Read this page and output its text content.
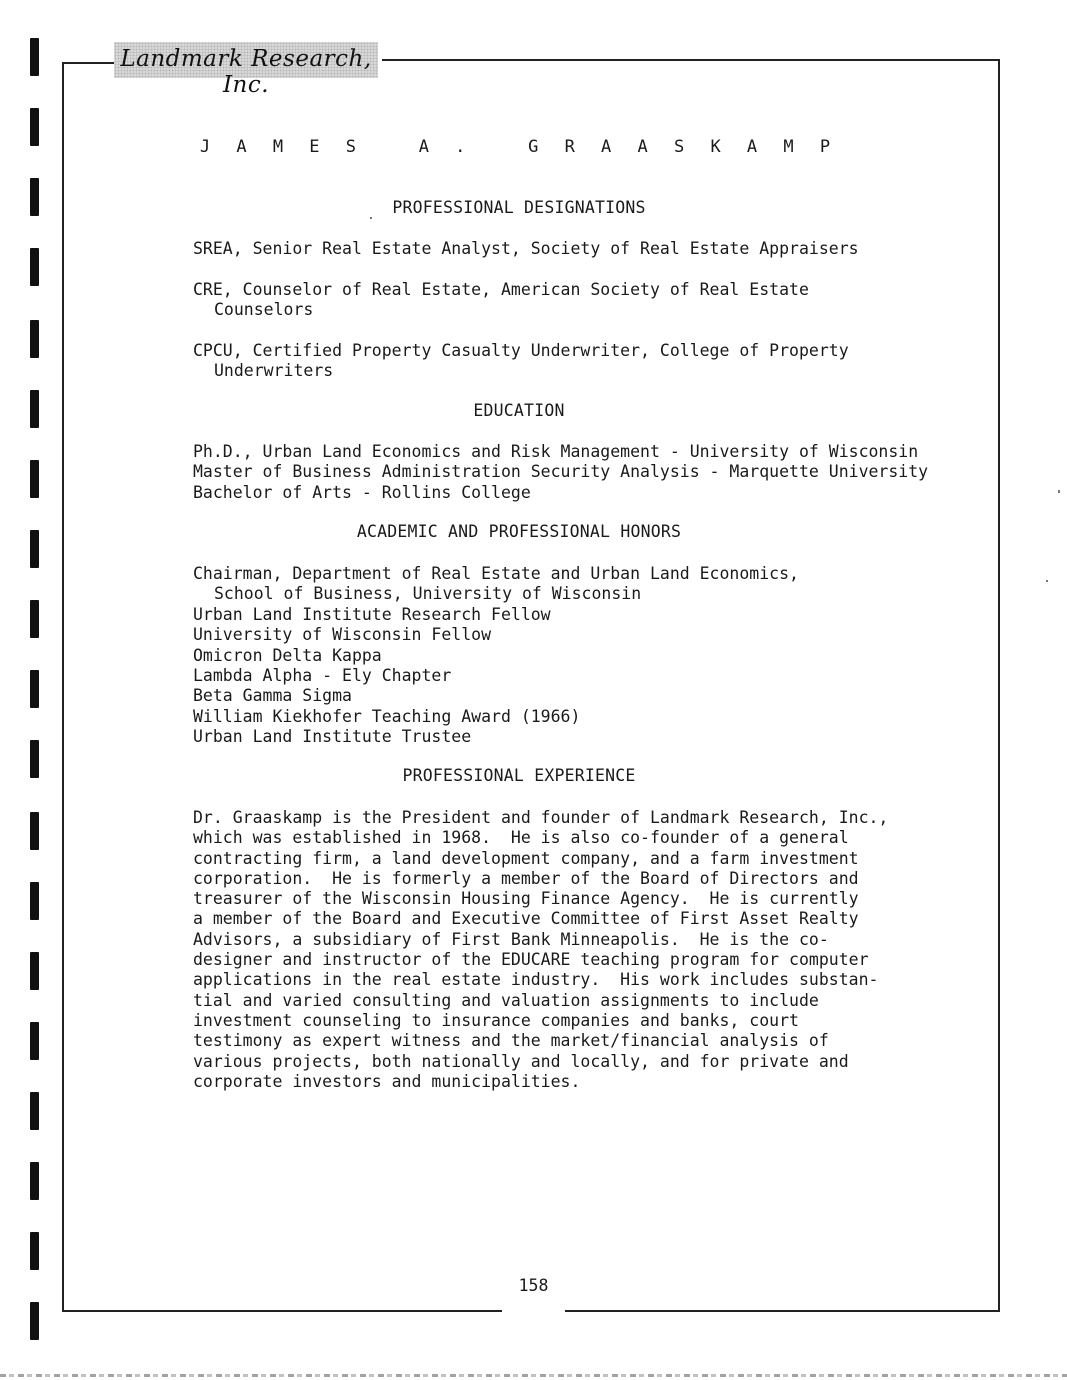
Landmark Research, Inc.
J A M E S   A .   G R A A S K A M P
PROFESSIONAL DESIGNATIONS
SREA, Senior Real Estate Analyst, Society of Real Estate Appraisers
CRE, Counselor of Real Estate, American Society of Real Estate
Counselors
CPCU, Certified Property Casualty Underwriter, College of Property
Underwriters
EDUCATION
Ph.D., Urban Land Economics and Risk Management - University of Wisconsin
Master of Business Administration Security Analysis - Marquette University
Bachelor of Arts - Rollins College
ACADEMIC AND PROFESSIONAL HONORS
Chairman, Department of Real Estate and Urban Land Economics,
School of Business, University of Wisconsin
Urban Land Institute Research Fellow
University of Wisconsin Fellow
Omicron Delta Kappa
Lambda Alpha - Ely Chapter
Beta Gamma Sigma
William Kiekhofer Teaching Award (1966)
Urban Land Institute Trustee
PROFESSIONAL EXPERIENCE
Dr. Graaskamp is the President and founder of Landmark Research, Inc.,
which was established in 1968.  He is also co-founder of a general
contracting firm, a land development company, and a farm investment
corporation.  He is formerly a member of the Board of Directors and
treasurer of the Wisconsin Housing Finance Agency.  He is currently
a member of the Board and Executive Committee of First Asset Realty
Advisors, a subsidiary of First Bank Minneapolis.  He is the co-
designer and instructor of the EDUCARE teaching program for computer
applications in the real estate industry.  His work includes substan-
tial and varied consulting and valuation assignments to include
investment counseling to insurance companies and banks, court
testimony as expert witness and the market/financial analysis of
various projects, both nationally and locally, and for private and
corporate investors and municipalities.
158
